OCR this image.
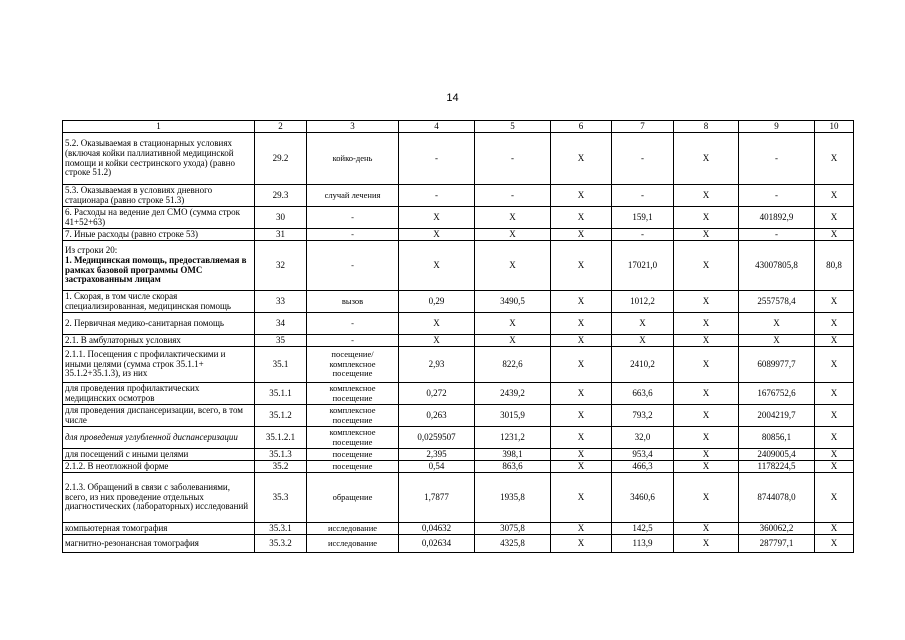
14
1	2	3	4	5	6	7	8	9	10

5.2. Оказываемая в стационарных условиях (включая койки паллиативной медицинской помощи и койки сестринского ухода) (равно строке 51.2)	29.2	койко-день	-	-	Х	-	Х	-	Х

5.3. Оказываемая в условиях дневного стационара (равно строке 51.3)	29.3	случай лечения	-	-	Х	-	Х	-	Х

6. Расходы на ведение дел СМО (сумма строк 41+52+63)	30	-	Х	Х	Х	159,1	Х	401892,9	Х

7. Иные расходы (равно строке 53)	31	-	Х	Х	Х	-	Х	-	Х

Из строки 20:
1. Медицинская помощь, предоставляемая в рамках базовой программы ОМС застрахованным лицам	32	-	Х	Х	Х	17021,0	Х	43007805,8	80,8

1. Скорая, в том числе скорая специализированная, медицинская помощь	33	вызов	0,29	3490,5	Х	1012,2	Х	2557578,4	Х

2. Первичная медико-санитарная помощь	34	-	Х	Х	Х	Х	Х	Х	Х

2.1. В амбулаторных условиях	35	-	Х	Х	Х	Х	Х	Х	Х

2.1.1. Посещения с профилактическими и иными целями (сумма строк 35.1.1+ 35.1.2+35.1.3), из них	35.1	посещение/ комплексное посещение	2,93	822,6	Х	2410,2	Х	6089977,7	Х

для проведения профилактических медицинских осмотров	35.1.1	комплексное посещение	0,272	2439,2	Х	663,6	Х	1676752,6	Х

для проведения диспансеризации, всего, в том числе	35.1.2	комплексное посещение	0,263	3015,9	Х	793,2	Х	2004219,7	Х

для проведения углубленной диспансеризации	35.1.2.1	комплексное посещение	0,0259507	1231,2	Х	32,0	Х	80856,1	Х

для посещений с иными целями	35.1.3	посещение	2,395	398,1	Х	953,4	Х	2409005,4	Х

2.1.2. В неотложной форме	35.2	посещение	0,54	863,6	Х	466,3	Х	1178224,5	Х

2.1.3. Обращений в связи с заболеваниями, всего, из них проведение отдельных диагностических (лабораторных) исследований	35.3	обращение	1,7877	1935,8	Х	3460,6	Х	8744078,0	Х

компьютерная томография	35.3.1	исследование	0,04632	3075,8	Х	142,5	Х	360062,2	Х

магнитно-резонансная томография	35.3.2	исследование	0,02634	4325,8	Х	113,9	Х	287797,1	Х
